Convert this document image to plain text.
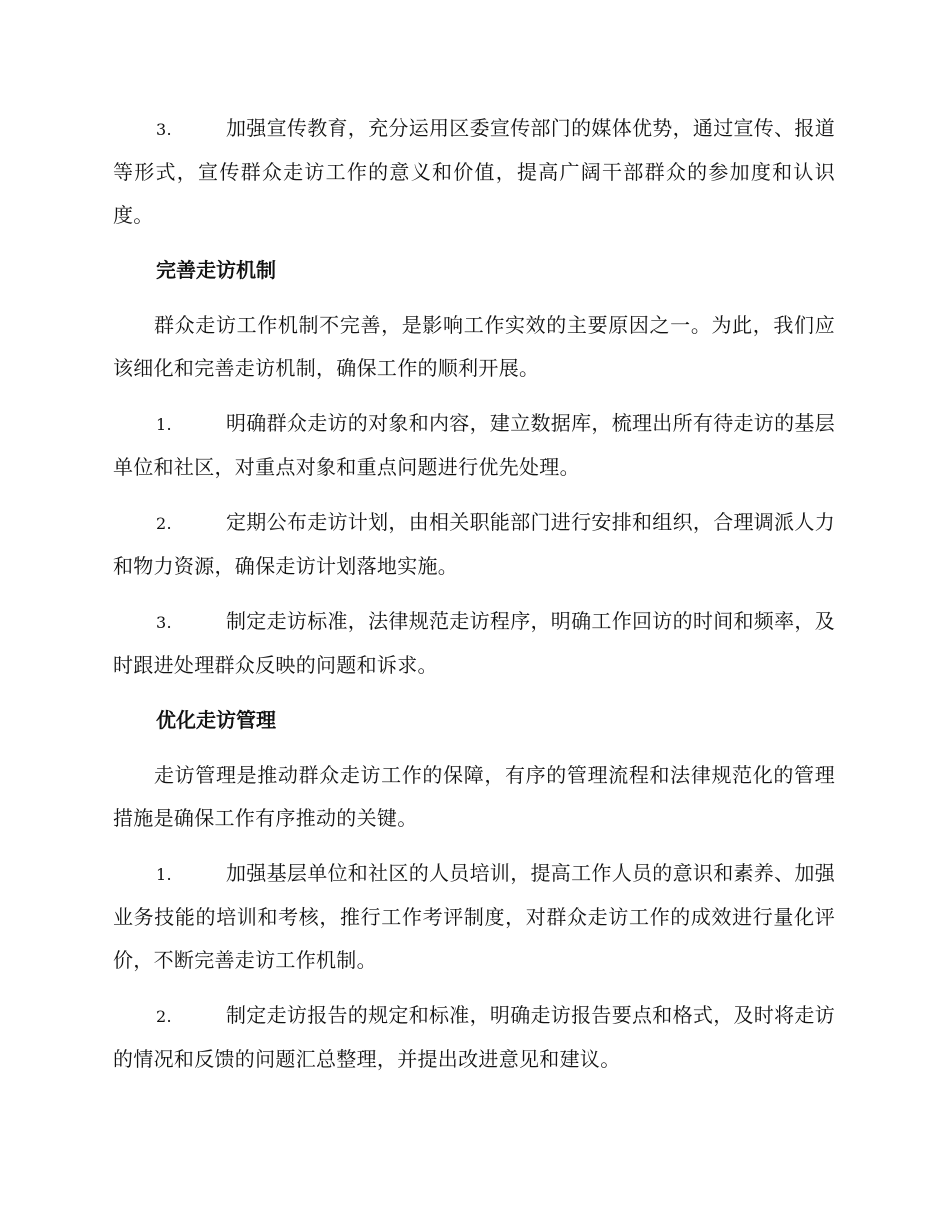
3.	加强宣传教育，充分运用区委宣传部门的媒体优势，通过宣传、报道等形式，宣传群众走访工作的意义和价值，提高广阔干部群众的参加度和认识度。

完善走访机制

群众走访工作机制不完善，是影响工作实效的主要原因之一。为此，我们应该细化和完善走访机制，确保工作的顺利开展。

1.	明确群众走访的对象和内容，建立数据库，梳理出所有待走访的基层单位和社区，对重点对象和重点问题进行优先处理。

2.	定期公布走访计划，由相关职能部门进行安排和组织，合理调派人力和物力资源，确保走访计划落地实施。

3.	制定走访标准，法律规范走访程序，明确工作回访的时间和频率，及时跟进处理群众反映的问题和诉求。

优化走访管理

走访管理是推动群众走访工作的保障，有序的管理流程和法律规范化的管理措施是确保工作有序推动的关键。

1.	加强基层单位和社区的人员培训，提高工作人员的意识和素养、加强业务技能的培训和考核，推行工作考评制度，对群众走访工作的成效进行量化评价，不断完善走访工作机制。

2.	制定走访报告的规定和标准，明确走访报告要点和格式，及时将走访的情况和反馈的问题汇总整理，并提出改进意见和建议。
